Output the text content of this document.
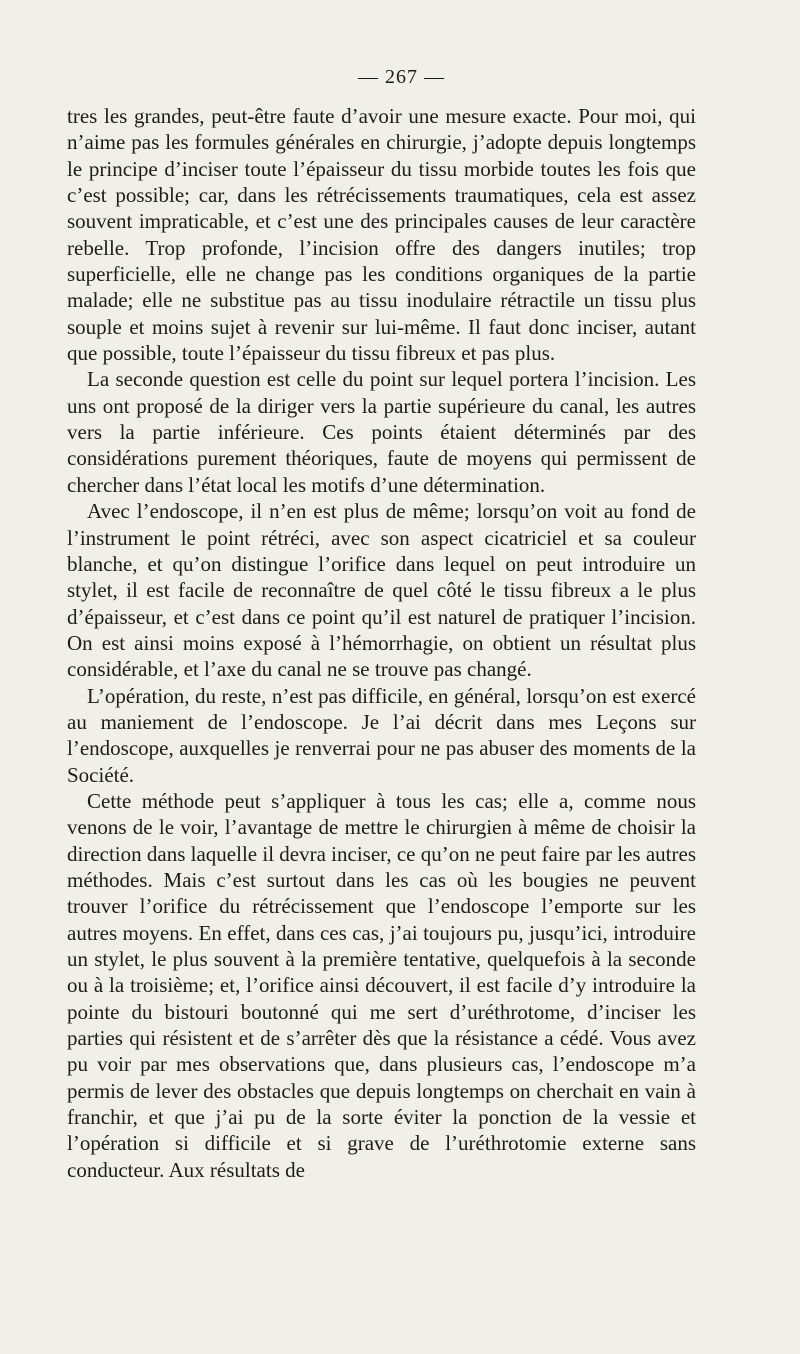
— 267 —

tres les grandes, peut-être faute d’avoir une mesure exacte. Pour moi, qui n’aime pas les formules générales en chirurgie, j’adopte depuis longtemps le principe d’inciser toute l’épaisseur du tissu morbide toutes les fois que c’est possible; car, dans les rétrécissements traumatiques, cela est assez souvent impraticable, et c’est une des principales causes de leur caractère rebelle. Trop profonde, l’incision offre des dangers inutiles; trop superficielle, elle ne change pas les conditions organiques de la partie malade; elle ne substitue pas au tissu inodulaire rétractile un tissu plus souple et moins sujet à revenir sur lui-même. Il faut donc inciser, autant que possible, toute l’épaisseur du tissu fibreux et pas plus.

La seconde question est celle du point sur lequel portera l’incision. Les uns ont proposé de la diriger vers la partie supérieure du canal, les autres vers la partie inférieure. Ces points étaient déterminés par des considérations purement théoriques, faute de moyens qui permissent de chercher dans l’état local les motifs d’une détermination.

Avec l’endoscope, il n’en est plus de même; lorsqu’on voit au fond de l’instrument le point rétréci, avec son aspect cicatriciel et sa couleur blanche, et qu’on distingue l’orifice dans lequel on peut introduire un stylet, il est facile de reconnaître de quel côté le tissu fibreux a le plus d’épaisseur, et c’est dans ce point qu’il est naturel de pratiquer l’incision. On est ainsi moins exposé à l’hémorrhagie, on obtient un résultat plus considérable, et l’axe du canal ne se trouve pas changé.

L’opération, du reste, n’est pas difficile, en général, lorsqu’on est exercé au maniement de l’endoscope. Je l’ai décrit dans mes Leçons sur l’endoscope, auxquelles je renverrai pour ne pas abuser des moments de la Société.

Cette méthode peut s’appliquer à tous les cas; elle a, comme nous venons de le voir, l’avantage de mettre le chirurgien à même de choisir la direction dans laquelle il devra inciser, ce qu’on ne peut faire par les autres méthodes. Mais c’est surtout dans les cas où les bougies ne peuvent trouver l’orifice du rétrécissement que l’endoscope l’emporte sur les autres moyens. En effet, dans ces cas, j’ai toujours pu, jusqu’ici, introduire un stylet, le plus souvent à la première tentative, quelquefois à la seconde ou à la troisième; et, l’orifice ainsi découvert, il est facile d’y introduire la pointe du bistouri boutonné qui me sert d’uréthrotome, d’inciser les parties qui résistent et de s’arrêter dès que la résistance a cédé. Vous avez pu voir par mes observations que, dans plusieurs cas, l’endoscope m’a permis de lever des obstacles que depuis longtemps on cherchait en vain à franchir, et que j’ai pu de la sorte éviter la ponction de la vessie et l’opération si difficile et si grave de l’uréthrotomie externe sans conducteur. Aux résultats de
